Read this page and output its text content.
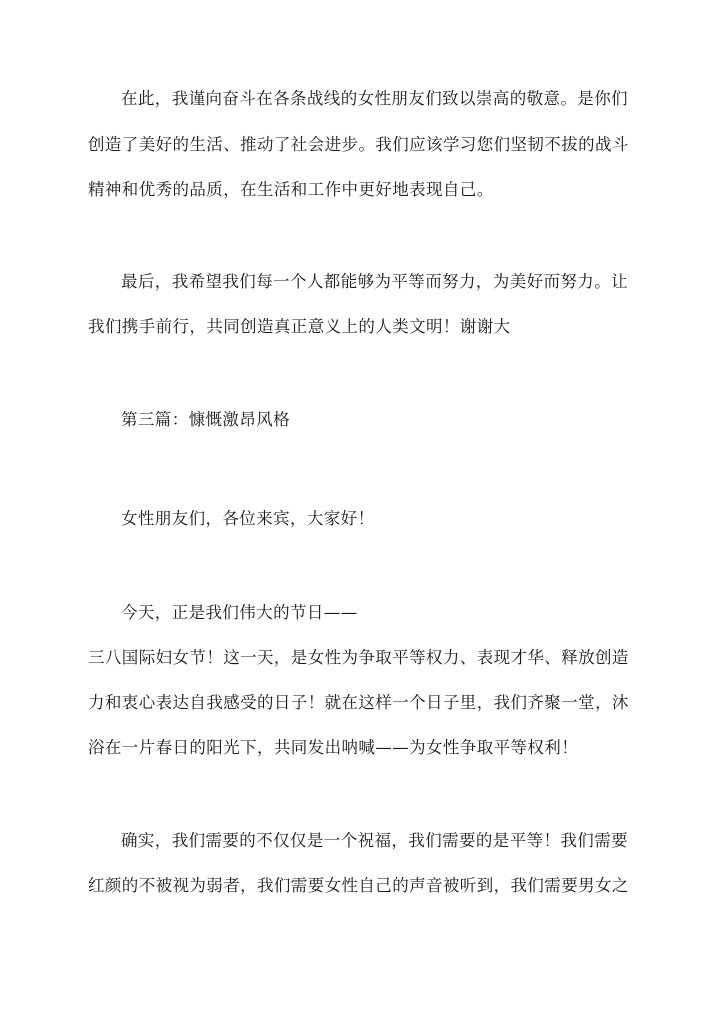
在此，我谨向奋斗在各条战线的女性朋友们致以崇高的敬意。是你们
创造了美好的生活、推动了社会进步。我们应该学习您们坚韧不拔的战斗
精神和优秀的品质，在生活和工作中更好地表现自己。
最后，我希望我们每一个人都能够为平等而努力，为美好而努力。让
我们携手前行，共同创造真正意义上的人类文明！谢谢大
第三篇：慷慨激昂风格
女性朋友们，各位来宾，大家好！
今天，正是我们伟大的节日——
三八国际妇女节！这一天，是女性为争取平等权力、表现才华、释放创造
力和衷心表达自我感受的日子！就在这样一个日子里，我们齐聚一堂，沐
浴在一片春日的阳光下，共同发出呐喊——为女性争取平等权利！
确实，我们需要的不仅仅是一个祝福，我们需要的是平等！我们需要
红颜的不被视为弱者，我们需要女性自己的声音被听到，我们需要男女之
